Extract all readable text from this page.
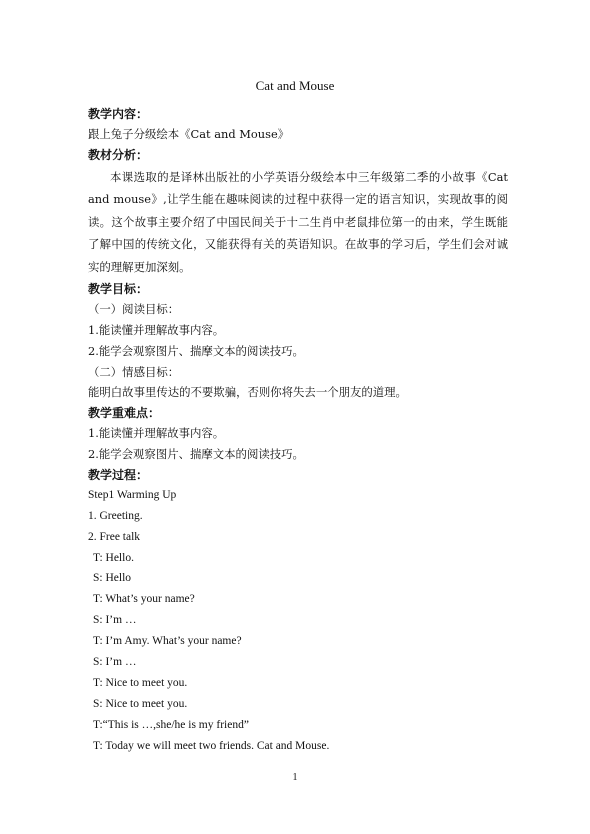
Cat and Mouse
教学内容：
跟上兔子分级绘本《Cat and Mouse》
教材分析：
本课选取的是译林出版社的小学英语分级绘本中三年级第二季的小故事《Cat and mouse》,让学生能在趣味阅读的过程中获得一定的语言知识，实现故事的阅读。这个故事主要介绍了中国民间关于十二生肖中老鼠排位第一的由来，学生既能了解中国的传统文化，又能获得有关的英语知识。在故事的学习后，学生们会对诚实的理解更加深刻。
教学目标：
（一）阅读目标：
1.能读懂并理解故事内容。
2.能学会观察图片、揣摩文本的阅读技巧。
（二）情感目标：
能明白故事里传达的不要欺骗，否则你将失去一个朋友的道理。
教学重难点：
1.能读懂并理解故事内容。
2.能学会观察图片、揣摩文本的阅读技巧。
教学过程：
Step1 Warming Up
1. Greeting.
2. Free talk
T: Hello.
S: Hello
T: What’s your name?
S: I’m …
T: I’m Amy. What’s your name?
S: I’m …
T: Nice to meet you.
S: Nice to meet you.
T:“This is …,she/he is my friend”
T: Today we will meet two friends. Cat and Mouse.
1
